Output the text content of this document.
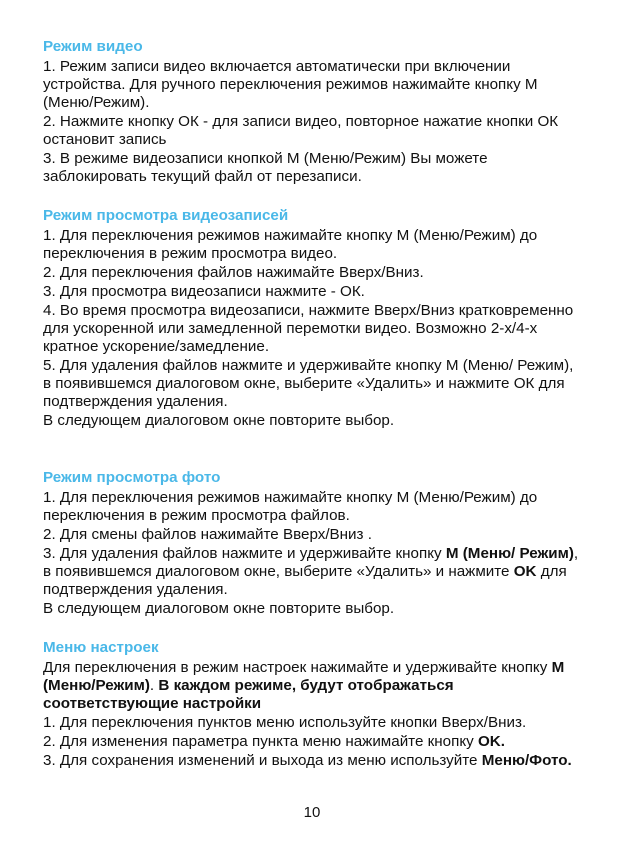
Режим видео
1. Режим записи видео включается автоматически при включении устройства. Для ручного переключения режимов нажимайте кнопку M (Меню/Режим).
2. Нажмите кнопку ОК - для записи видео, повторное нажатие кнопки ОК остановит запись
3. В режиме видеозаписи кнопкой M (Меню/Режим) Вы можете заблокировать текущий файл от перезаписи.
Режим просмотра видеозаписей
1. Для переключения режимов нажимайте кнопку M (Меню/Режим) до переключения в режим просмотра видео.
2. Для переключения файлов нажимайте Вверх/Вниз.
3. Для просмотра видеозаписи нажмите - ОК.
4. Во время просмотра видеозаписи, нажмите Вверх/Вниз кратковременно для ускоренной или замедленной перемотки видео. Возможно 2-х/4-х кратное ускорение/замедление.
5. Для удаления файлов нажмите и удерживайте кнопку M (Меню/ Режим), в появившемся диалоговом окне, выберите «Удалить» и нажмите ОК для подтверждения удаления.
В следующем диалоговом окне повторите выбор.
Режим просмотра фото
1. Для переключения режимов нажимайте кнопку M (Меню/Режим) до переключения в режим просмотра файлов.
2. Для смены файлов нажимайте Вверх/Вниз .
3. Для удаления файлов нажмите и удерживайте кнопку M (Меню/ Режим), в появившемся диалоговом окне, выберите «Удалить» и нажмите OK для подтверждения удаления.
В следующем диалоговом окне повторите выбор.
Меню настроек
Для переключения в режим настроек нажимайте и удерживайте кнопку M (Меню/Режим). В каждом режиме, будут отображаться соответствующие настройки
1. Для переключения пунктов меню используйте кнопки Вверх/Вниз.
2. Для изменения параметра пункта меню нажимайте кнопку OK.
3. Для сохранения изменений и выхода из меню используйте Меню/Фото.
10
